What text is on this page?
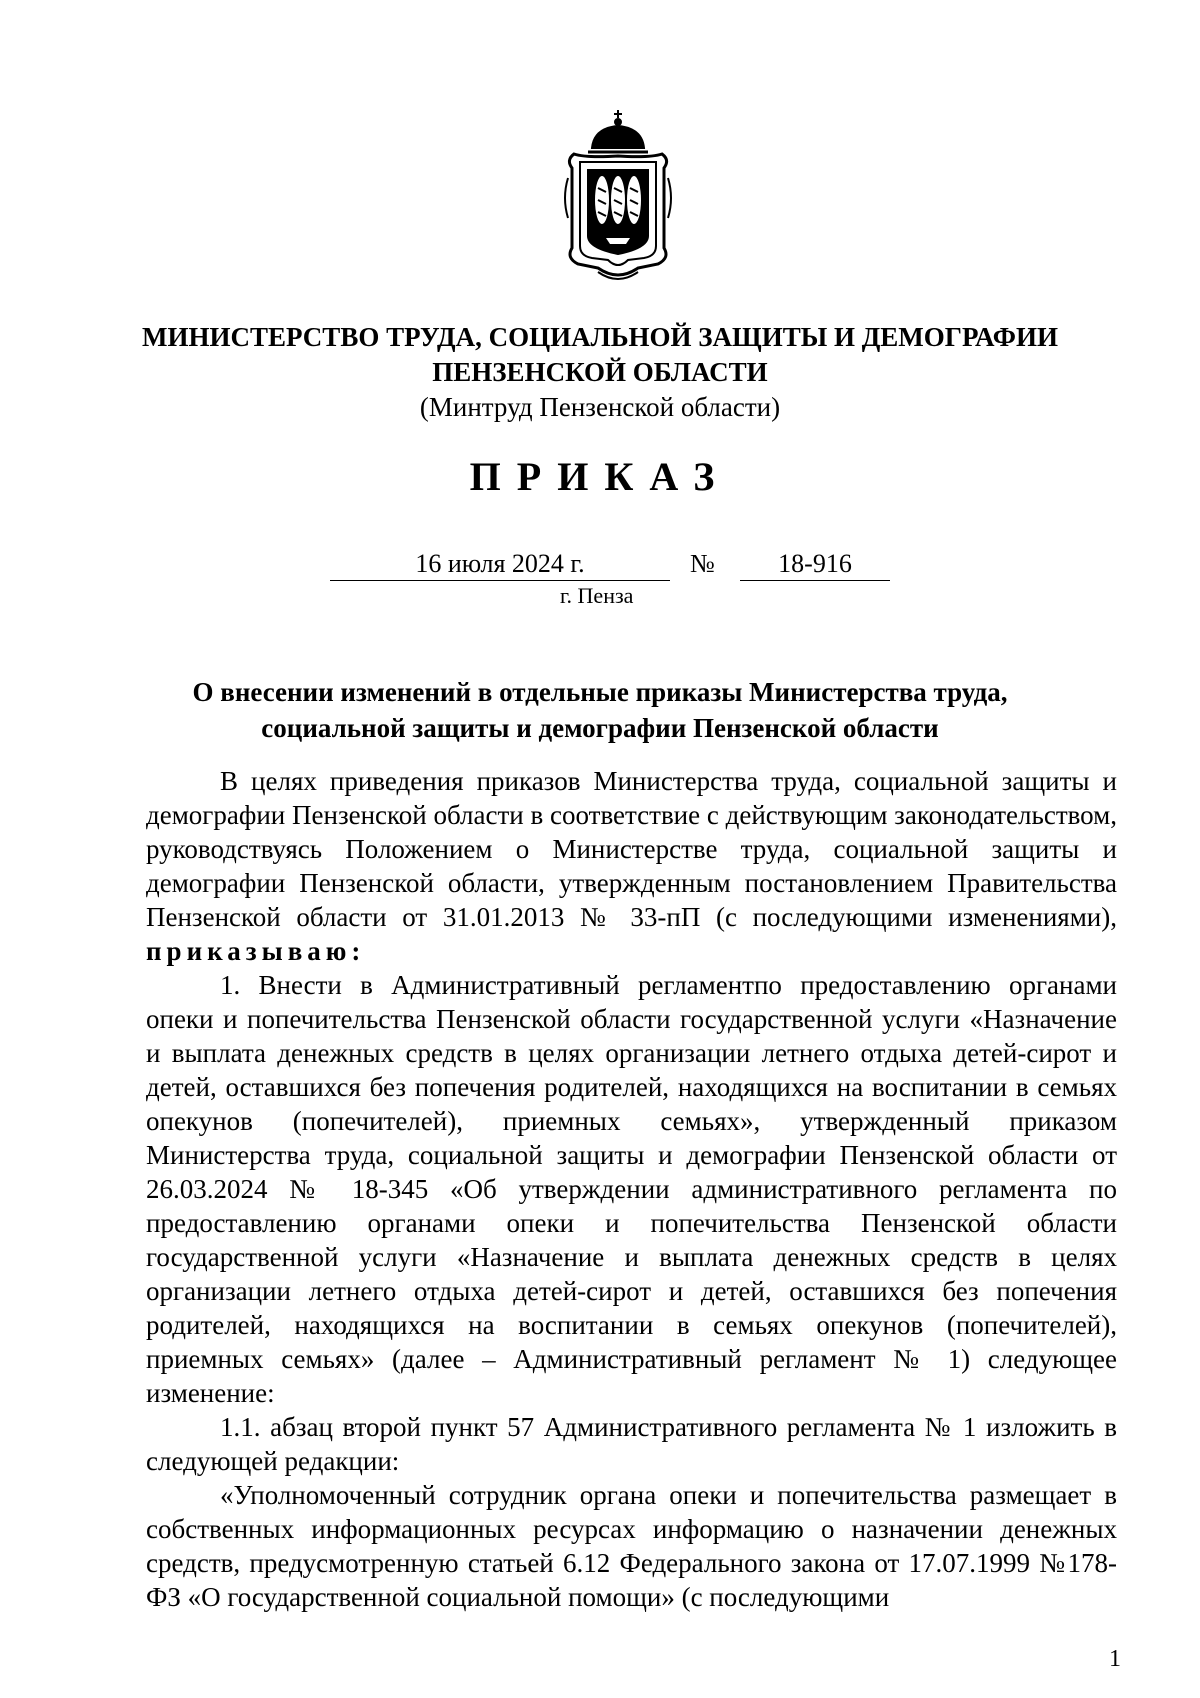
МИНИСТЕРСТВО ТРУДА, СОЦИАЛЬНОЙ ЗАЩИТЫ И ДЕМОГРАФИИ
ПЕНЗЕНСКОЙ ОБЛАСТИ
(Минтруд Пензенской области)
ПРИКАЗ
16 июля 2024 г.	№	18-916
г. Пенза
О внесении изменений в отдельные приказы Министерства труда,
социальной защиты и демографии Пензенской области

В целях приведения приказов Министерства труда, социальной защиты и демографии Пензенской области в соответствие с действующим законодательством, руководствуясь Положением о Министерстве труда, социальной защиты и демографии Пензенской области, утвержденным постановлением Правительства Пензенской области от 31.01.2013 № 33-пП (с последующими изменениями), приказываю:

1. Внести в Административный регламентпо предоставлению органами опеки и попечительства Пензенской области государственной услуги «Назначение и выплата денежных средств в целях организации летнего отдыха детей-сирот и детей, оставшихся без попечения родителей, находящихся на воспитании в семьях опекунов (попечителей), приемных семьях», утвержденный приказом Министерства труда, социальной защиты и демографии Пензенской области от 26.03.2024 № 18-345 «Об утверждении административного регламента по предоставлению органами опеки и попечительства Пензенской области государственной услуги «Назначение и выплата денежных средств в целях организации летнего отдыха детей-сирот и детей, оставшихся без попечения родителей, находящихся на воспитании в семьях опекунов (попечителей), приемных семьях» (далее – Административный регламент № 1) следующее изменение:

1.1. абзац второй пункт 57 Административного регламента № 1 изложить в следующей редакции:

«Уполномоченный сотрудник органа опеки и попечительства размещает в собственных информационных ресурсах информацию о назначении денежных средств, предусмотренную статьей 6.12 Федерального закона от 17.07.1999 №178-ФЗ «О государственной социальной помощи» (с последующими

1
